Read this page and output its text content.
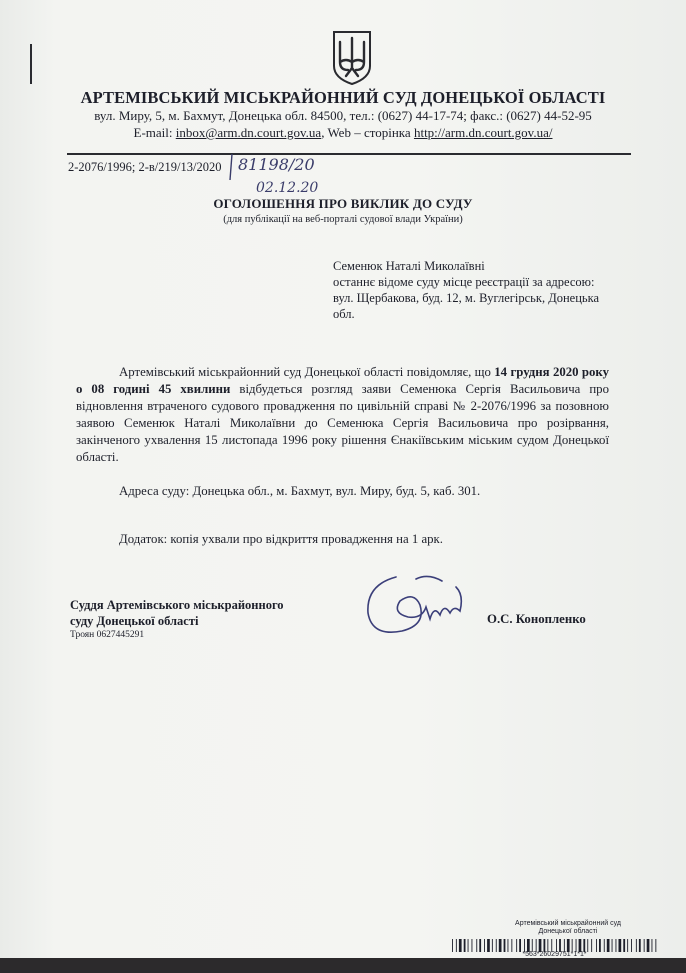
АРТЕМІВСЬКИЙ МІСЬКРАЙОННИЙ СУД ДОНЕЦЬКОЇ ОБЛАСТІ
вул. Миру, 5, м. Бахмут, Донецька обл. 84500, тел.: (0627) 44-17-74; факс.: (0627) 44-52-95
E-mail: inbox@arm.dn.court.gov.ua, Web – сторінка http://arm.dn.court.gov.ua/
2-2076/1996; 2-в/219/13/2020 81198/20
02.12.20
ОГОЛОШЕННЯ ПРО ВИКЛИК ДО СУДУ
(для публікації на веб-порталі судової влади України)
Семенюк Наталі Миколаївні
останнє відоме суду місце реєстрації за адресою:
вул. Щербакова, буд. 12, м. Вуглегірськ, Донецька
обл.
Артемівський міськрайонний суд Донецької області повідомляє, що 14 грудня 2020 року о 08 годині 45 хвилини відбудеться розгляд заяви Семенюка Сергія Васильовича про відновлення втраченого судового провадження по цивільній справі № 2-2076/1996 за позовною заявою Семенюк Наталі Миколаївни до Семенюка Сергія Васильовича про розірвання, закінченого ухвалення 15 листопада 1996 року рішення Єнакіївським міським судом Донецької області.
Адреса суду: Донецька обл., м. Бахмут, вул. Миру, буд. 5, каб. 301.
Додаток: копія ухвали про відкриття провадження на 1 арк.
Суддя Артемівського міськрайонного
суду Донецької області
Троян 0627445291
О.С. Конопленко
Артемівський міськрайонний суд
Донецької області
*563*26029751*1*1*
